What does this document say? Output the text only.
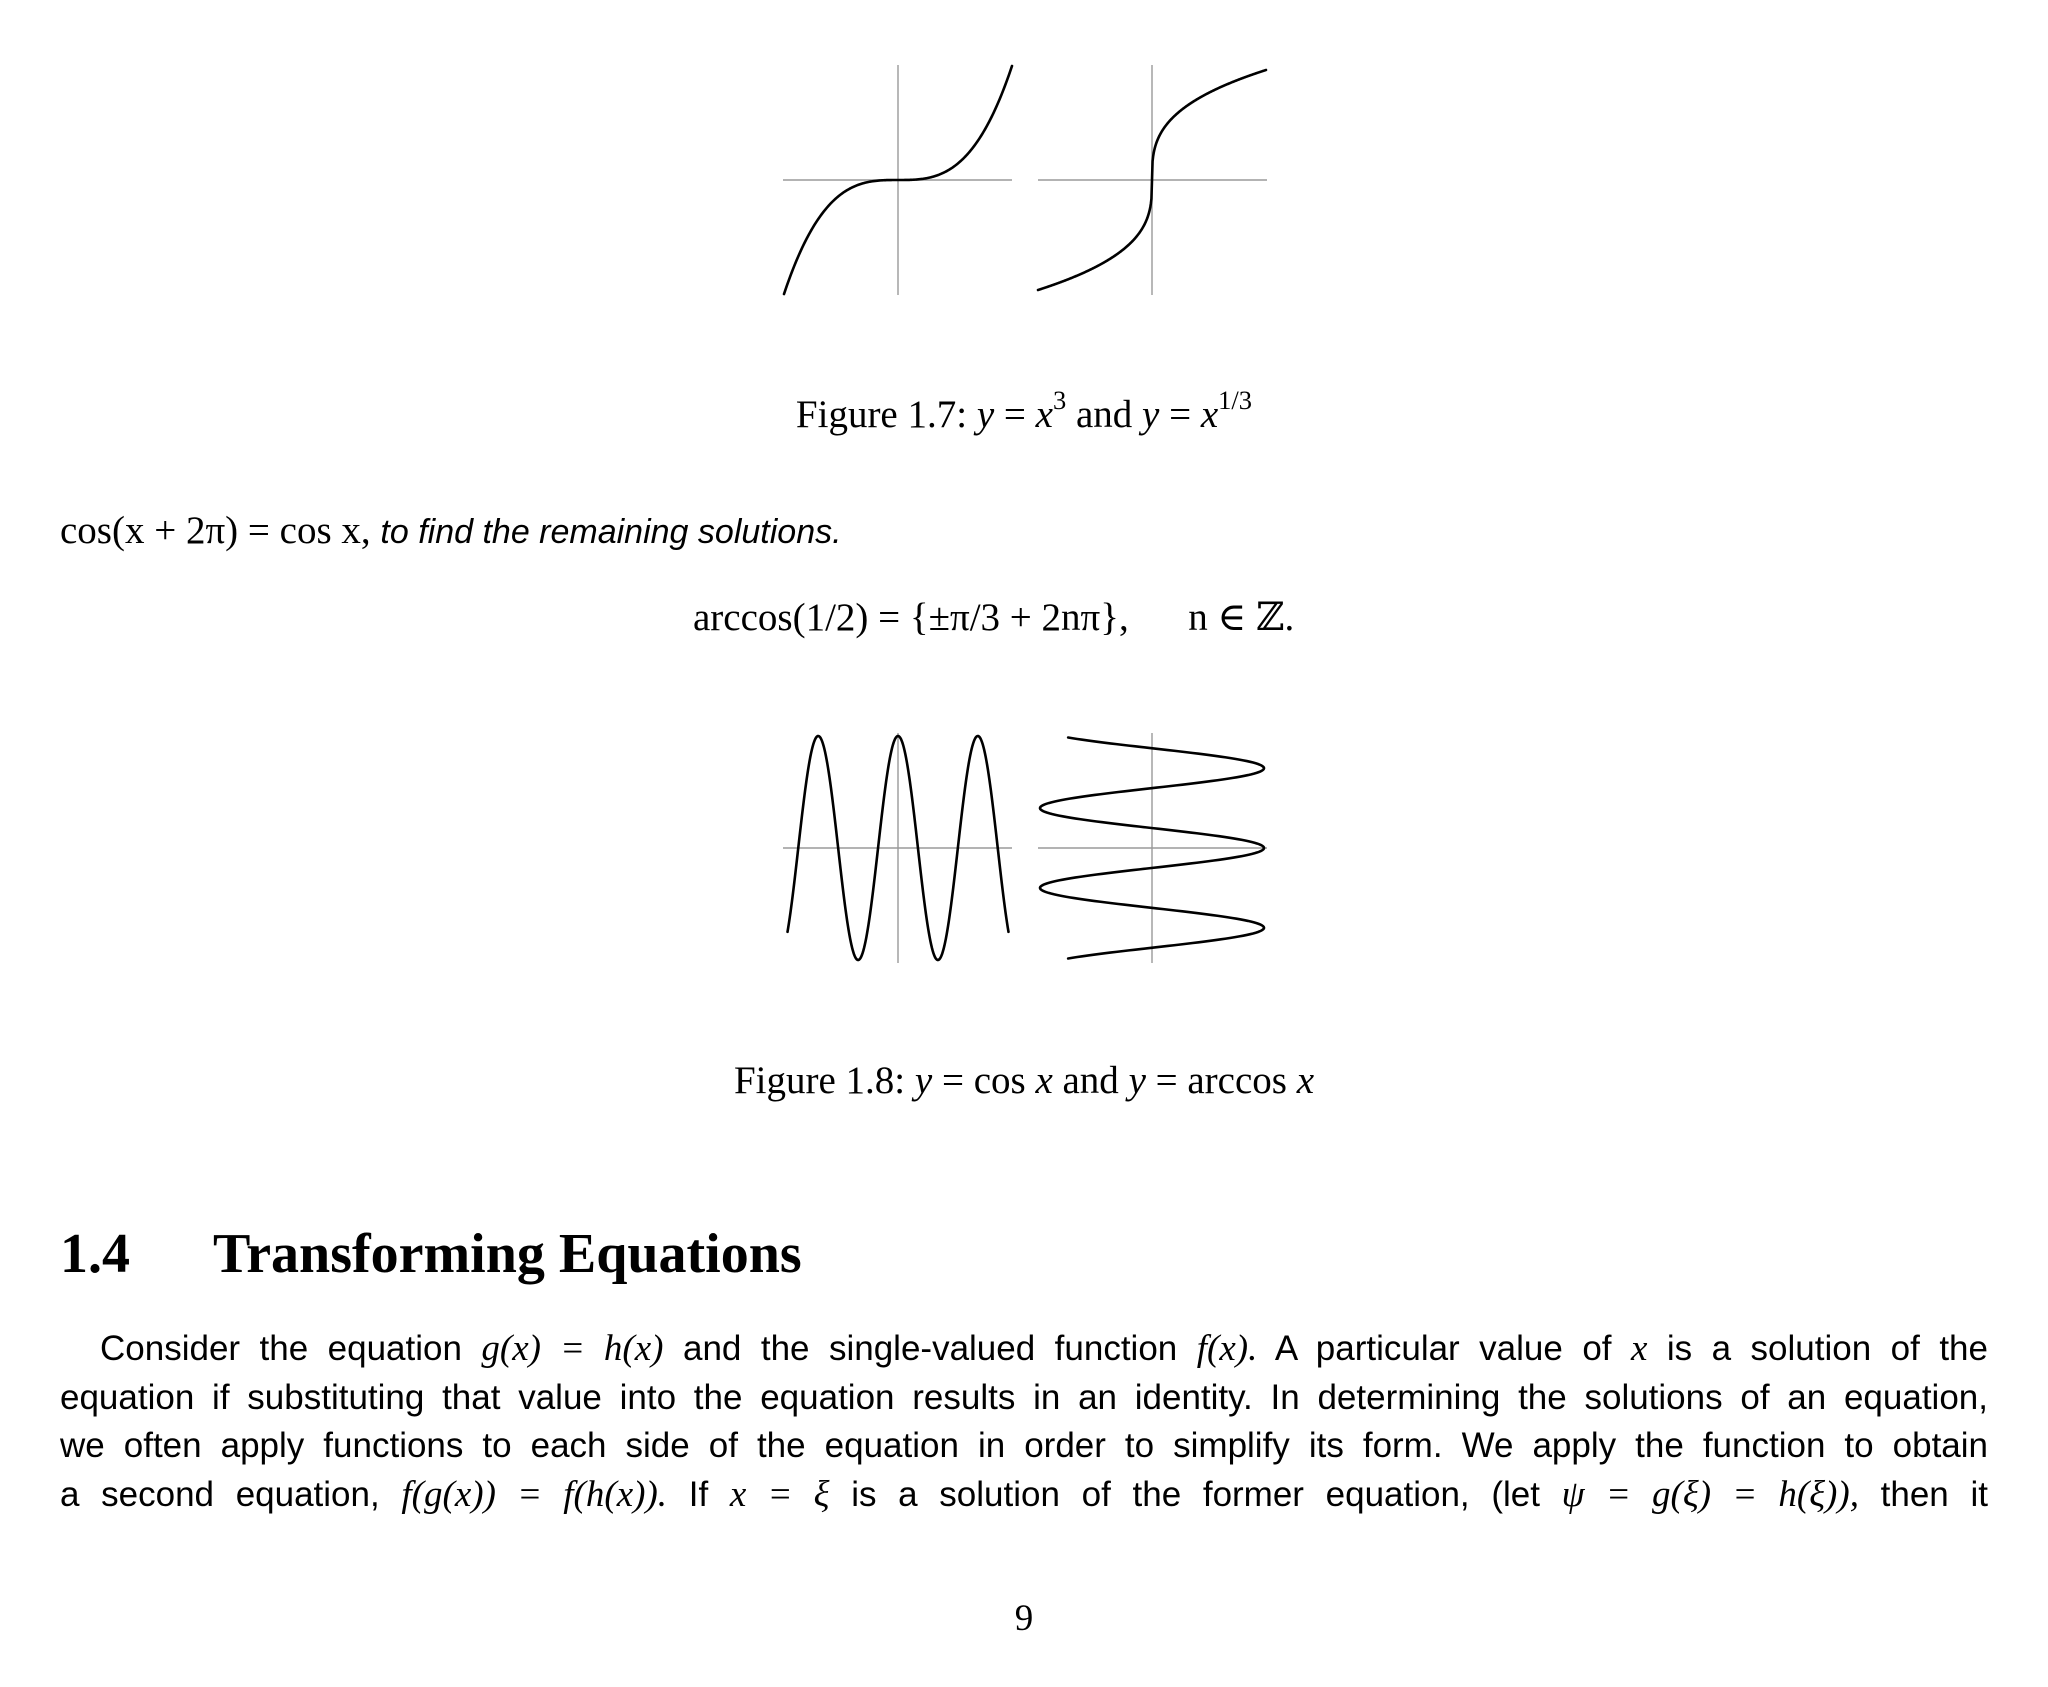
Figure 1.7: $y = x^3$ and $y = x^{1/3}$
cos(x + 2π) = cos x, to find the remaining solutions.
arccos(1/2) = {±π/3 + 2nπ}, n ∈ ℤ.
Figure 1.8: y = cos x and y = arccos x
1.4 Transforming Equations
Consider the equation g(x) = h(x) and the single-valued function f(x). A particular value of x is a solution of the
equation if substituting that value into the equation results in an identity. In determining the solutions of an equation,
we often apply functions to each side of the equation in order to simplify its form. We apply the function to obtain
a second equation, f(g(x)) = f(h(x)). If x = ξ is a solution of the former equation, (let ψ = g(ξ) = h(ξ)), then it
9
